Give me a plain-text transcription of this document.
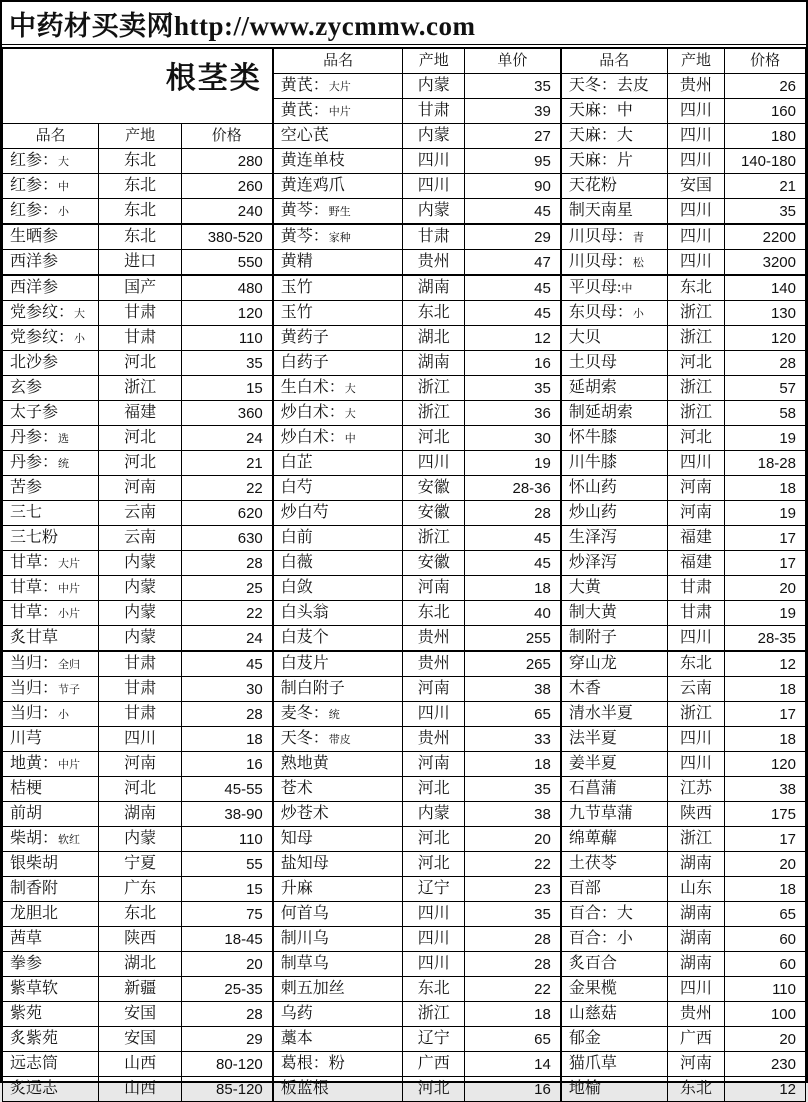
中药材买卖网http://www.zycmmw.com
根茎类			品名	产地	单价	品名	产地	价格
			黄芪：大片	内蒙	35	天冬：去皮	贵州	26
			黄芪：中片	甘肃	39	天麻：中	四川	160
品名	产地	价格	空心芪	内蒙	27	天麻：大	四川	180
红参：大	东北	280	黄连单枝	四川	95	天麻：片	四川	140-180
红参：中	东北	260	黄连鸡爪	四川	90	天花粉	安国	21
红参：小	东北	240	黄芩：野生	内蒙	45	制天南星	四川	35
生晒参	东北	380-520	黄芩：家种	甘肃	29	川贝母：青	四川	2200
西洋参	进口	550	黄精	贵州	47	川贝母：松	四川	3200
西洋参	国产	480	玉竹	湖南	45	平贝母:中	东北	140
党参纹：大	甘肃	120	玉竹	东北	45	东贝母：小	浙江	130
党参纹：小	甘肃	110	黄药子	湖北	12	大贝	浙江	120
北沙参	河北	35	白药子	湖南	16	土贝母	河北	28
玄参	浙江	15	生白术：大	浙江	35	延胡索	浙江	57
太子参	福建	360	炒白术：大	浙江	36	制延胡索	浙江	58
丹参：选	河北	24	炒白术：中	河北	30	怀牛膝	河北	19
丹参：统	河北	21	白芷	四川	19	川牛膝	四川	18-28
苦参	河南	22	白芍	安徽	28-36	怀山药	河南	18
三七	云南	620	炒白芍	安徽	28	炒山药	河南	19
三七粉	云南	630	白前	浙江	45	生泽泻	福建	17
甘草：大片	内蒙	28	白薇	安徽	45	炒泽泻	福建	17
甘草：中片	内蒙	25	白敛	河南	18	大黄	甘肃	20
甘草：小片	内蒙	22	白头翁	东北	40	制大黄	甘肃	19
炙甘草	内蒙	24	白芨个	贵州	255	制附子	四川	28-35
当归：全归	甘肃	45	白芨片	贵州	265	穿山龙	东北	12
当归：节子	甘肃	30	制白附子	河南	38	木香	云南	18
当归：小	甘肃	28	麦冬：统	四川	65	清水半夏	浙江	17
川芎	四川	18	天冬：带皮	贵州	33	法半夏	四川	18
地黄：中片	河南	16	熟地黄	河南	18	姜半夏	四川	120
桔梗	河北	45-55	苍术	河北	35	石菖蒲	江苏	38
前胡	湖南	38-90	炒苍术	内蒙	38	九节草蒲	陕西	175
柴胡：软红	内蒙	110	知母	河北	20	绵萆薢	浙江	17
银柴胡	宁夏	55	盐知母	河北	22	土茯苓	湖南	20
制香附	广东	15	升麻	辽宁	23	百部	山东	18
龙胆北	东北	75	何首乌	四川	35	百合：大	湖南	65
茜草	陕西	18-45	制川乌	四川	28	百合：小	湖南	60
拳参	湖北	20	制草乌	四川	28	炙百合	湖南	60
紫草软	新疆	25-35	刺五加丝	东北	22	金果榄	四川	110
紫苑	安国	28	乌药	浙江	18	山慈菇	贵州	100
炙紫苑	安国	29	藁本	辽宁	65	郁金	广西	20
远志筒	山西	80-120	葛根：粉	广西	14	猫爪草	河南	230
炙远志	山西	85-120	板蓝根	河北	16	地榆	东北	12
